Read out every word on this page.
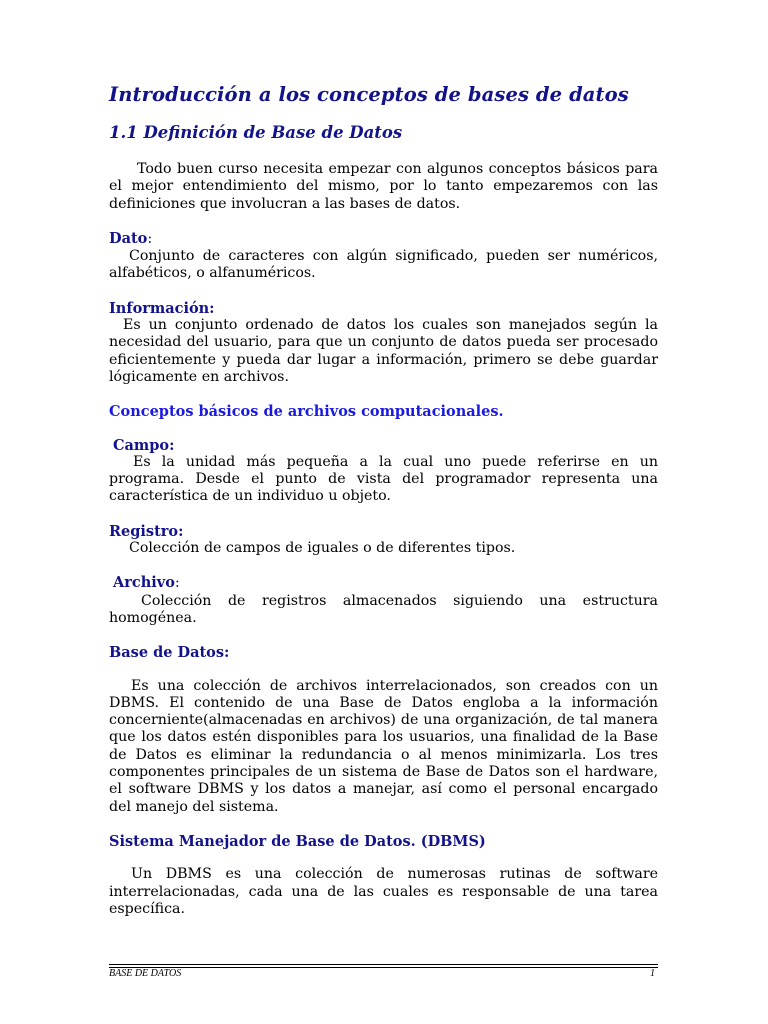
Introducción a los conceptos de bases de datos
1.1 Definición de Base de Datos

Todo buen curso necesita empezar con algunos conceptos básicos para el mejor entendimiento del mismo, por lo tanto empezaremos con las definiciones que involucran a las bases de datos.

Dato:

Conjunto de caracteres con algún significado, pueden ser numéricos, alfabéticos, o alfanuméricos.

Información:

Es un conjunto ordenado de datos los cuales son manejados según la necesidad del usuario, para que un conjunto de datos pueda ser procesado eficientemente y pueda dar lugar a información, primero se debe guardar lógicamente en archivos.

Conceptos básicos de archivos computacionales.
Campo:

Es la unidad más pequeña a la cual uno puede referirse en un programa. Desde el punto de vista del programador representa una característica de un individuo u objeto.

Registro:

Colección de campos de iguales o de diferentes tipos.

Archivo:

Colección de registros almacenados siguiendo una estructura homogénea.

Base de Datos:

Es una colección de archivos interrelacionados, son creados con un DBMS. El contenido de una Base de Datos engloba a la información concerniente(almacenadas en archivos) de una organización, de tal manera que los datos estén disponibles para los usuarios, una finalidad de la Base de Datos es eliminar la redundancia o al menos minimizarla. Los tres componentes principales de un sistema de Base de Datos son el hardware, el software DBMS y los datos a manejar, así como el personal encargado del manejo del sistema.

Sistema Manejador de Base de Datos. (DBMS)

Un DBMS es una colección de numerosas rutinas de software interrelacionadas, cada una de las cuales es responsable de una tarea específica.

BASE DE DATOS	1
